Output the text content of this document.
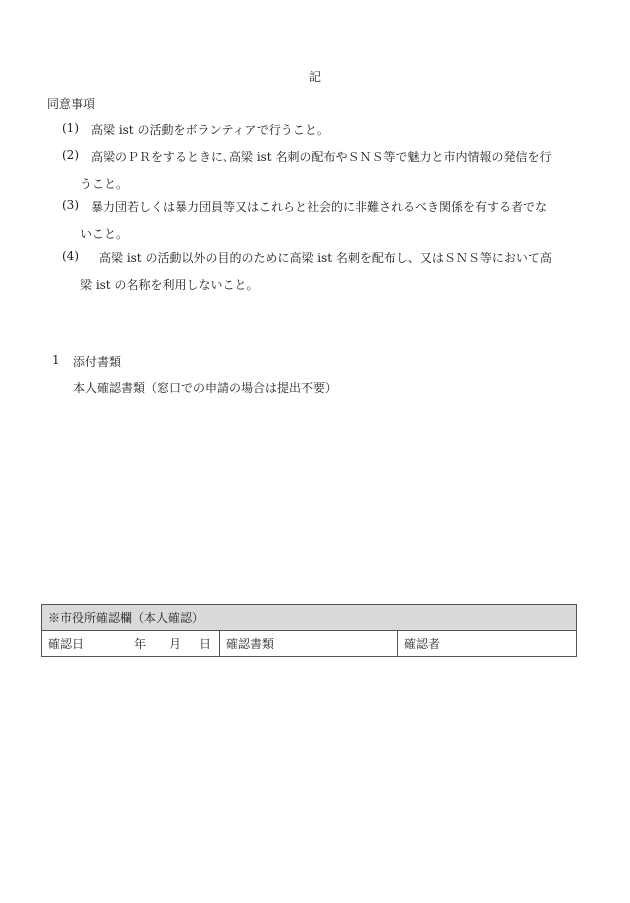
記
同意事項
(1) 高梁 ist の活動をボランティアで行うこと。
(2) 高梁のＰＲをするときに､高梁 ist 名刺の配布やＳＮＳ等で魅力と市内情報の発信を行
うこと。
(3) 暴力団若しくは暴力団員等又はこれらと社会的に非難されるべき関係を有する者でな
いこと。
(4) 高梁 ist の活動以外の目的のために高梁 ist 名刺を配布し、又はＳＮＳ等において高
梁 ist の名称を利用しないこと。
1 添付書類
本人確認書類（窓口での申請の場合は提出不要）
※市役所確認欄（本人確認）
確認日	年 月 日	確認書類	確認者
